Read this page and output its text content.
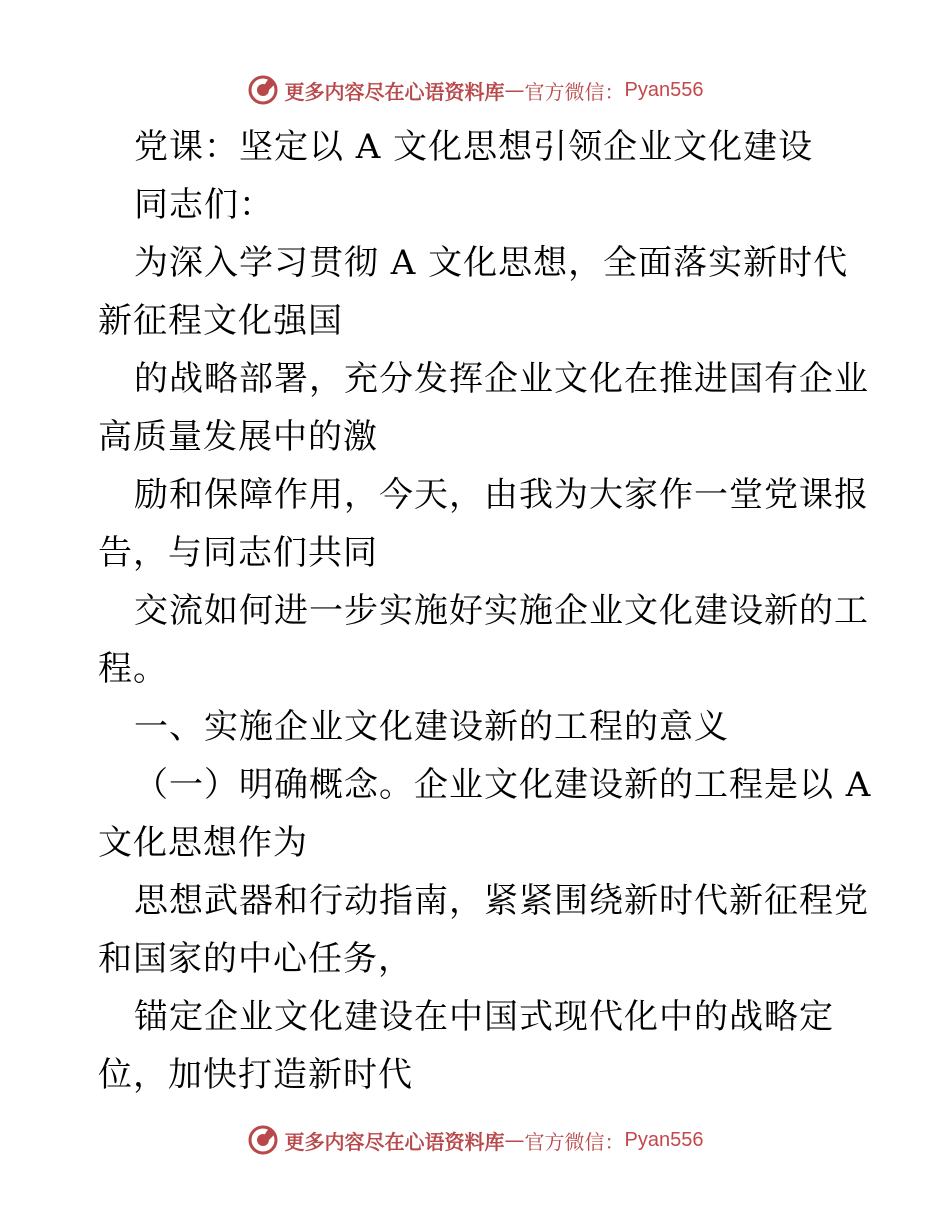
更多内容尽在心语资料库 — 官方微信： Pyan556
党课：坚定以 A 文化思想引领企业文化建设
同志们：
为深入学习贯彻 A 文化思想，全面落实新时代
新征程文化强国
的战略部署，充分发挥企业文化在推进国有企业
高质量发展中的激
励和保障作用，今天，由我为大家作一堂党课报
告，与同志们共同
交流如何进一步实施好实施企业文化建设新的工
程。
一、实施企业文化建设新的工程的意义
（一）明确概念。企业文化建设新的工程是以 A
文化思想作为
思想武器和行动指南，紧紧围绕新时代新征程党
和国家的中心任务，
锚定企业文化建设在中国式现代化中的战略定
位，加快打造新时代
更多内容尽在心语资料库 — 官方微信： Pyan556
